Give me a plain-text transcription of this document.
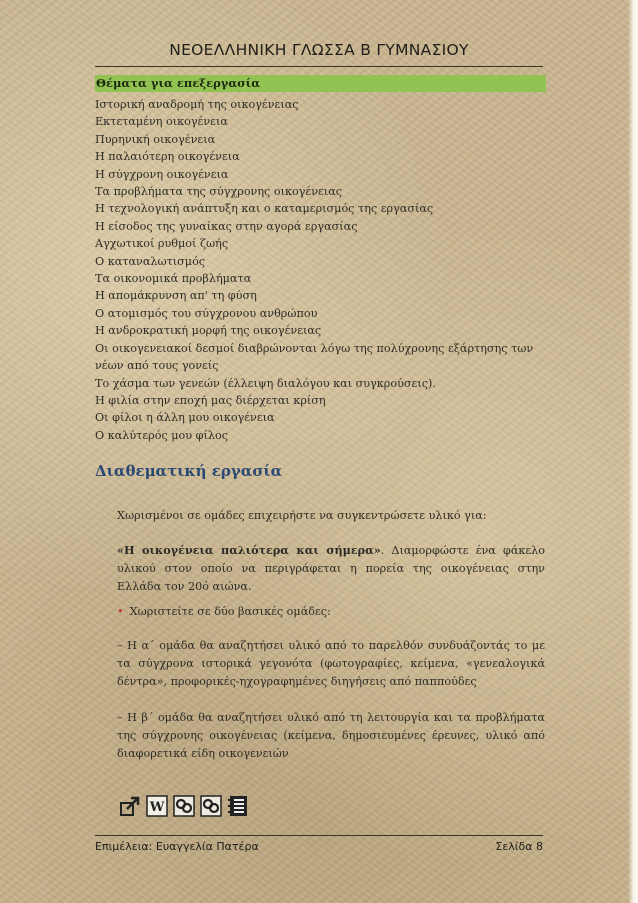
ΝΕΟΕΛΛΗΝΙΚΗ ΓΛΩΣΣΑ Β ΓΥΜΝΑΣΙΟΥ
Θέματα για επεξεργασία
Ιστορική αναδρομή της οικογένειας
Εκτεταμένη οικογένεια
Πυρηνική οικογένεια
Η παλαιότερη οικογένεια
Η σύγχρονη οικογένεια
Τα προβλήματα της σύγχρονης οικογένειας
Η τεχνολογική ανάπτυξη και ο καταμερισμός της εργασίας
Η είσοδος της γυναίκας στην αγορά εργασίας
Αγχωτικοί ρυθμοί ζωής
Ο καταναλωτισμός
Τα οικονομικά προβλήματα
Η απομάκρυνση απ' τη φύση
Ο ατομισμός του σύγχρονου ανθρώπου
Η ανδροκρατική μορφή της οικογένειας
Οι οικογενειακοί δεσμοί διαβρώνονται λόγω της πολύχρονης εξάρτησης των νέων από τους γονείς
Το χάσμα των γενεών (έλλειψη διαλόγου και συγκρούσεις).
Η φιλία στην εποχή μας διέρχεται κρίση
Οι φίλοι η άλλη μου οικογένεια
Ο καλύτερός μου φίλος
Διαθεματική εργασία
Χωρισμένοι σε ομάδες επιχειρήστε να συγκεντρώσετε υλικό για:
«Η οικογένεια παλιότερα και σήμερα». Διαμορφώστε ένα φάκελο υλικού στον οποίο να περιγράφεται η πορεία της οικογένειας στην Ελλάδα τον 20ό αιώνα.
• Χωριστείτε σε δύο βασικές ομάδες:
– Η α΄ ομάδα θα αναζητήσει υλικό από το παρελθόν συνδυάζοντάς το με τα σύγχρονα ιστορικά γεγονότα (φωτογραφίες, κείμενα, «γενεαλογικά δέντρα», προφορικές-ηχογραφημένες διηγήσεις από παππούδες
– Η β΄ ομάδα θα αναζητήσει υλικό από τη λειτουργία και τα προβλήματα της σύγχρονης οικογένειας (κείμενα, δημοσιευμένες έρευνες, υλικό από διαφορετικά είδη οικογενειών
W
Επιμέλεια: Ευαγγελία Πατέρα	Σελίδα 8
